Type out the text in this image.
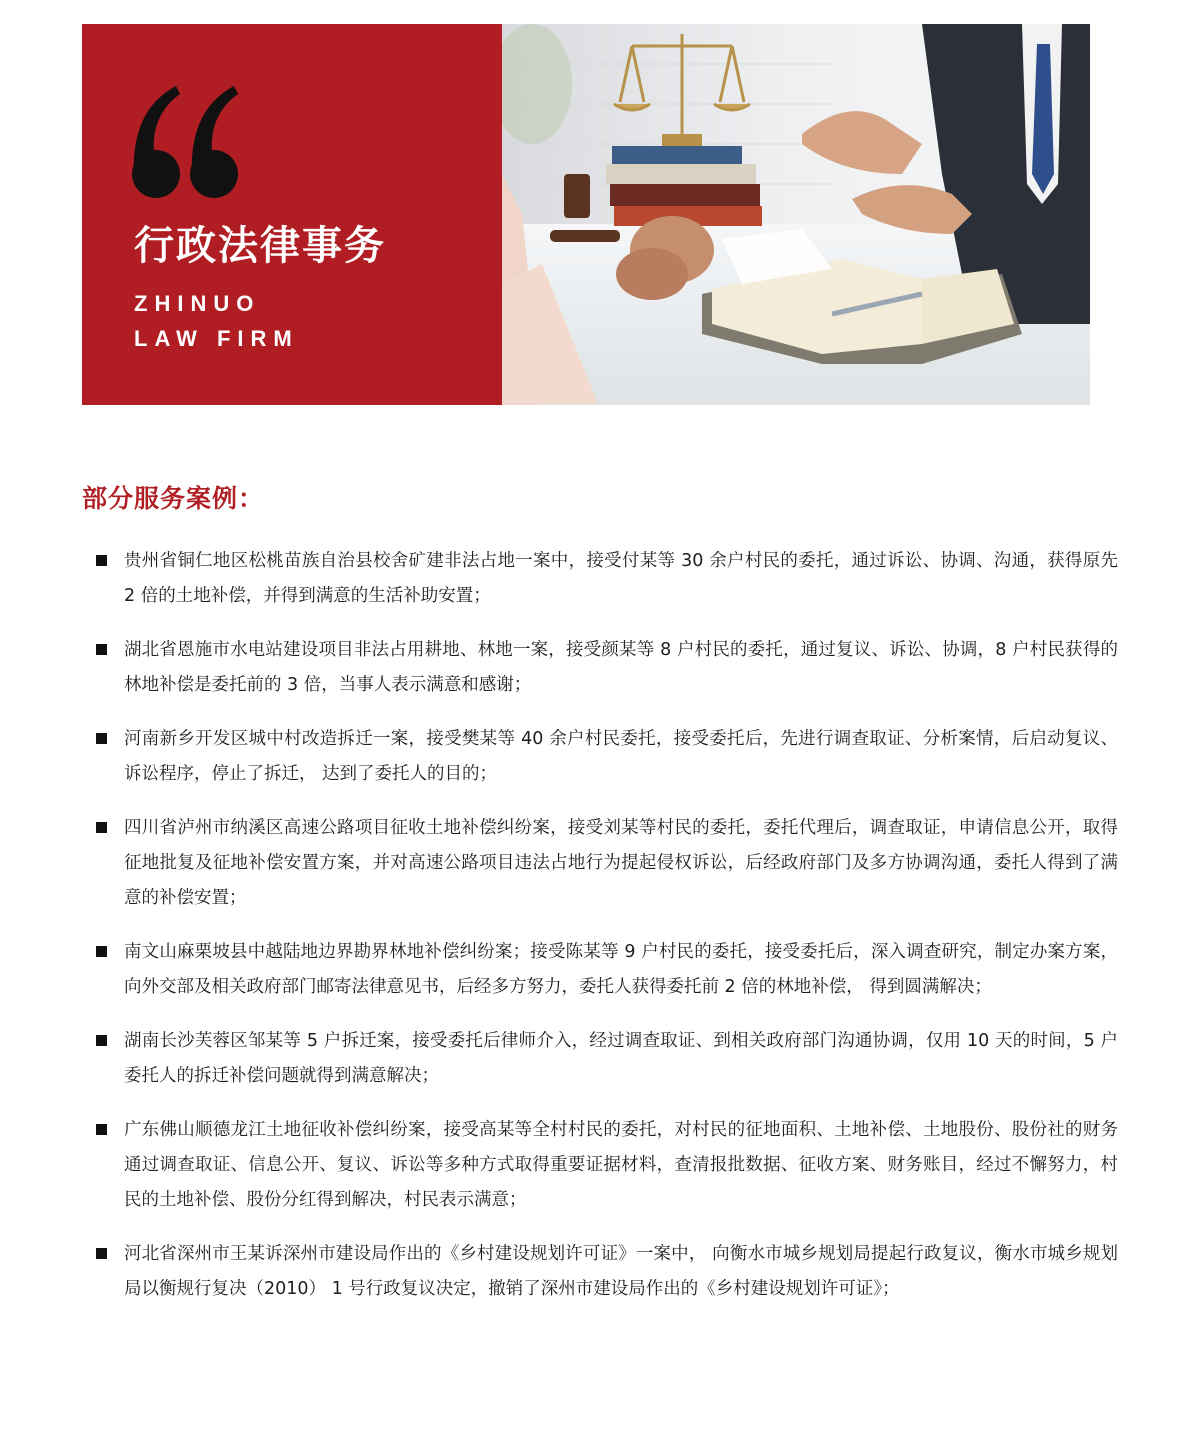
行政法律事务
ZHINUO
LAW FIRM
部分服务案例：
贵州省铜仁地区松桃苗族自治县校舍矿建非法占地一案中，接受付某等 30 余户村民的委托，通过诉讼、协调、沟通，获得原先 2 倍的土地补偿，并得到满意的生活补助安置；
湖北省恩施市水电站建设项目非法占用耕地、林地一案，接受颜某等 8 户村民的委托，通过复议、诉讼、协调，8 户村民获得的林地补偿是委托前的 3 倍，当事人表示满意和感谢；
河南新乡开发区城中村改造拆迁一案，接受樊某等 40 余户村民委托，接受委托后，先进行调查取证、分析案情，后启动复议、诉讼程序，停止了拆迁， 达到了委托人的目的；
四川省泸州市纳溪区高速公路项目征收土地补偿纠纷案，接受刘某等村民的委托，委托代理后，调查取证，申请信息公开，取得征地批复及征地补偿安置方案，并对高速公路项目违法占地行为提起侵权诉讼，后经政府部门及多方协调沟通，委托人得到了满意的补偿安置；
南文山麻栗坡县中越陆地边界勘界林地补偿纠纷案；接受陈某等 9 户村民的委托，接受委托后，深入调查研究，制定办案方案，向外交部及相关政府部门邮寄法律意见书，后经多方努力，委托人获得委托前 2 倍的林地补偿， 得到圆满解决；
湖南长沙芙蓉区邹某等 5 户拆迁案，接受委托后律师介入，经过调查取证、到相关政府部门沟通协调，仅用 10 天的时间，5 户委托人的拆迁补偿问题就得到满意解决；
广东佛山顺德龙江土地征收补偿纠纷案，接受高某等全村村民的委托，对村民的征地面积、土地补偿、土地股份、股份社的财务通过调查取证、信息公开、复议、诉讼等多种方式取得重要证据材料，查清报批数据、征收方案、财务账目，经过不懈努力，村民的土地补偿、股份分红得到解决，村民表示满意；
河北省深州市王某诉深州市建设局作出的《乡村建设规划许可证》一案中， 向衡水市城乡规划局提起行政复议，衡水市城乡规划局以衡规行复决（2010） 1 号行政复议决定，撤销了深州市建设局作出的《乡村建设规划许可证》；
